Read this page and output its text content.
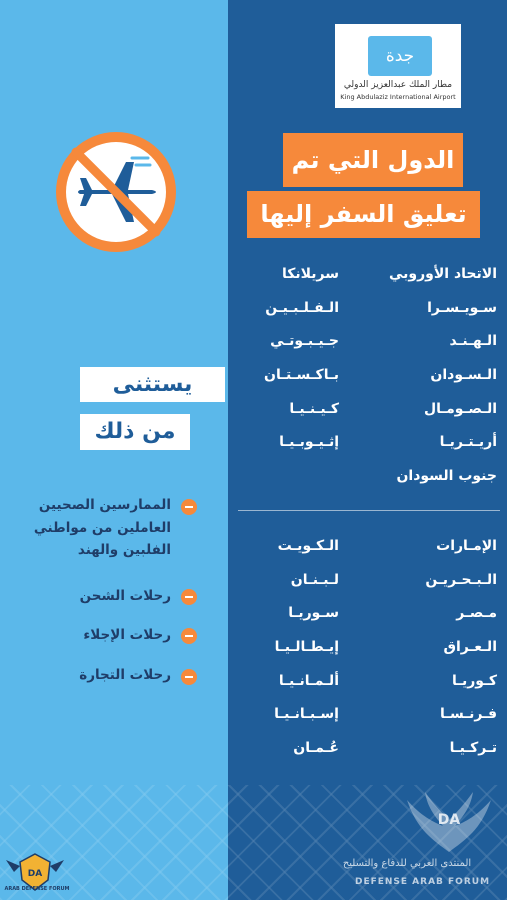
جدة
مطار الملك عبدالعزيز الدولي
King Abdulaziz International Airport
الدول التي تم
تعليق السفر إليها
الاتحاد الأوروبي
سـويـسـرا
الـهـنـد
الـسـودان
الـصـومـال
أريـتـريـا
جنوب السودان
سريلانكا
الـفـلـبـيـن
جـيـبـوتـي
بـاكـسـتـان
كـيـنـيـا
إثـيـوبـيـا
الإمـارات
الـبـحـريـن
مـصـر
الـعـراق
كـوريـا
فـرنـسـا
تـركـيـا
الـكـويـت
لـبـنـان
سـوريـا
إيـطـالـيـا
ألـمـانـيـا
إسـبـانـيـا
عُـمـان
يستثنى
من ذلك
الممارسين الصحيين
العاملين من مواطني
الفلبين والهند
رحلات الشحن
رحلات الإجلاء
رحلات التجارة
DA
المنتدى العربي للدفاع والتسليح
DEFENSE ARAB FORUM
DA
ARAB DEFENSE FORUM
